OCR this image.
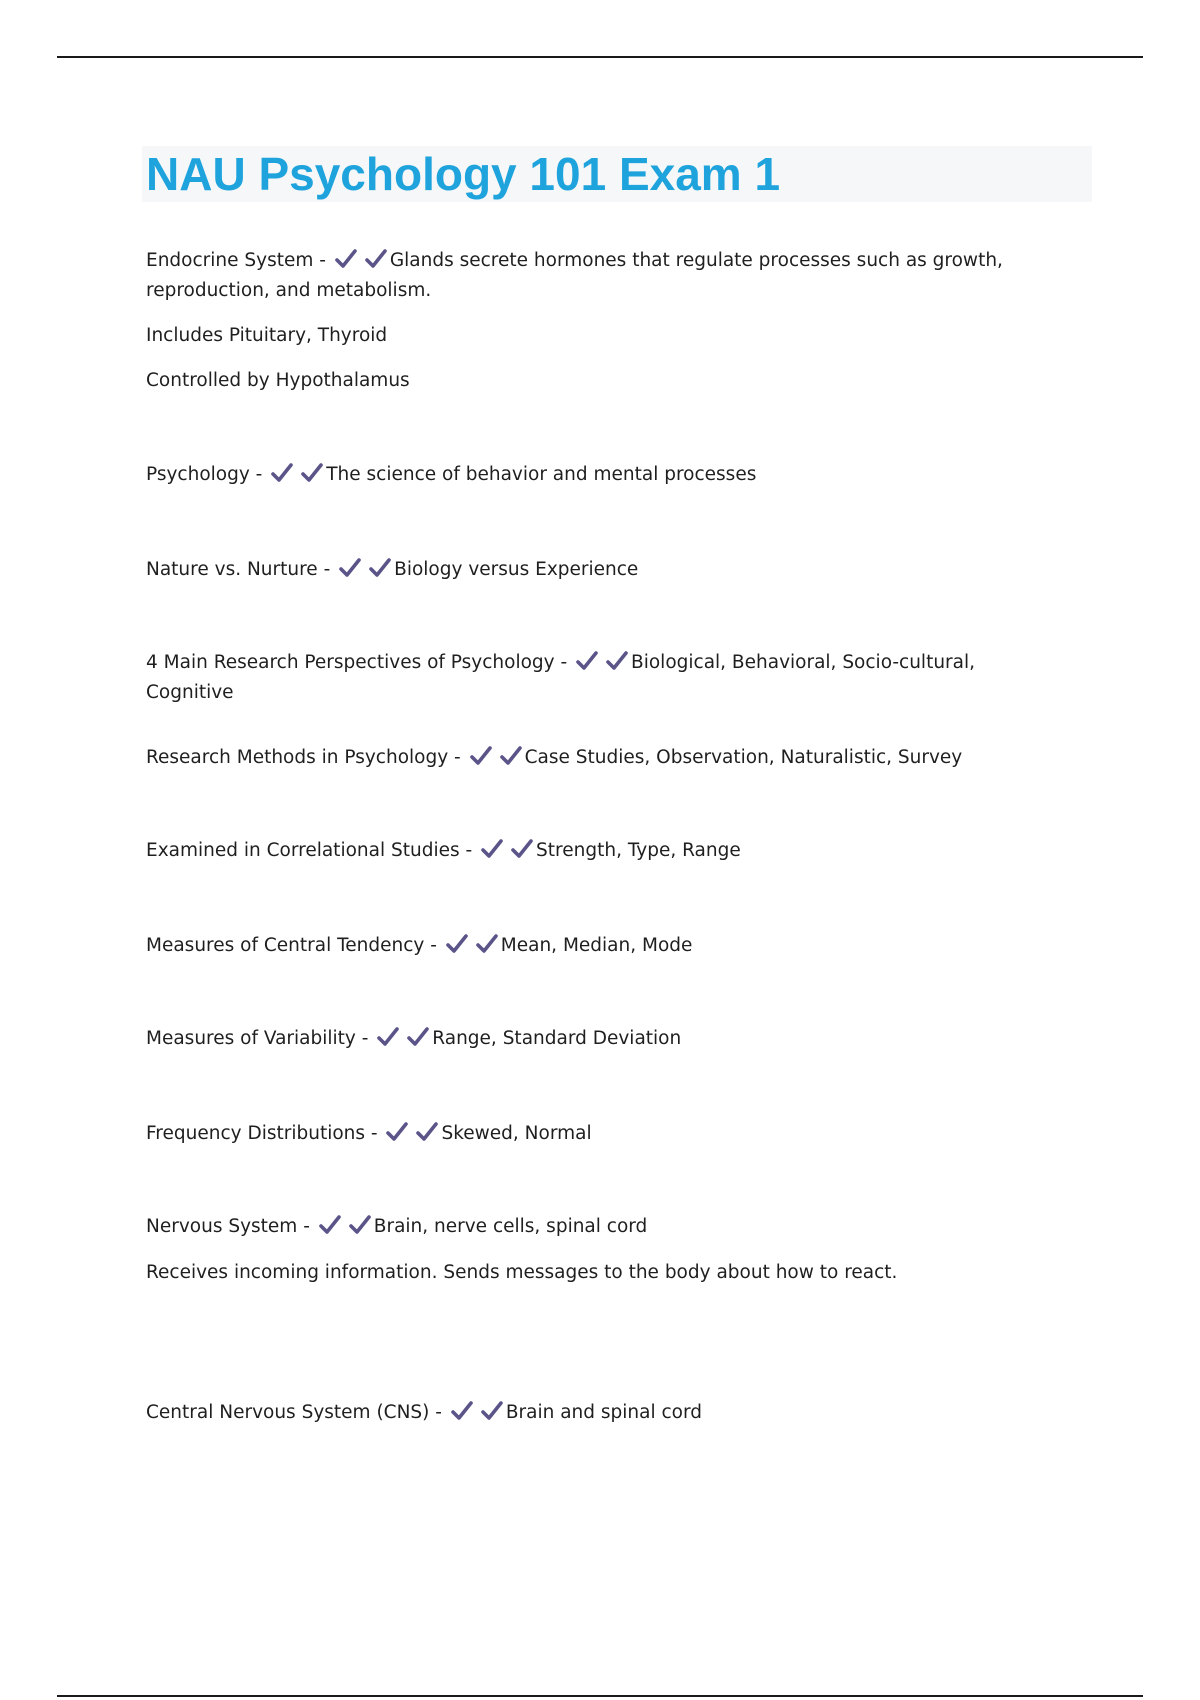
NAU Psychology 101 Exam 1

Endocrine System -	Glands secrete hormones that regulate processes such as growth,

reproduction, and metabolism.

Includes Pituitary, Thyroid

Controlled by Hypothalamus

Psychology -	The science of behavior and mental processes

Nature vs. Nurture -	Biology versus Experience

4 Main Research Perspectives of Psychology -	Biological, Behavioral, Socio-cultural, Cognitive

Research Methods in Psychology -	Case Studies, Observation, Naturalistic, Survey

Examined in Correlational Studies -	Strength, Type, Range

Measures of Central Tendency -	Mean, Median, Mode

Measures of Variability -	Range, Standard Deviation

Frequency Distributions -	Skewed, Normal

Nervous System -	Brain, nerve cells, spinal cord

Receives incoming information. Sends messages to the body about how to react.

Central Nervous System (CNS) -	Brain and spinal cord
